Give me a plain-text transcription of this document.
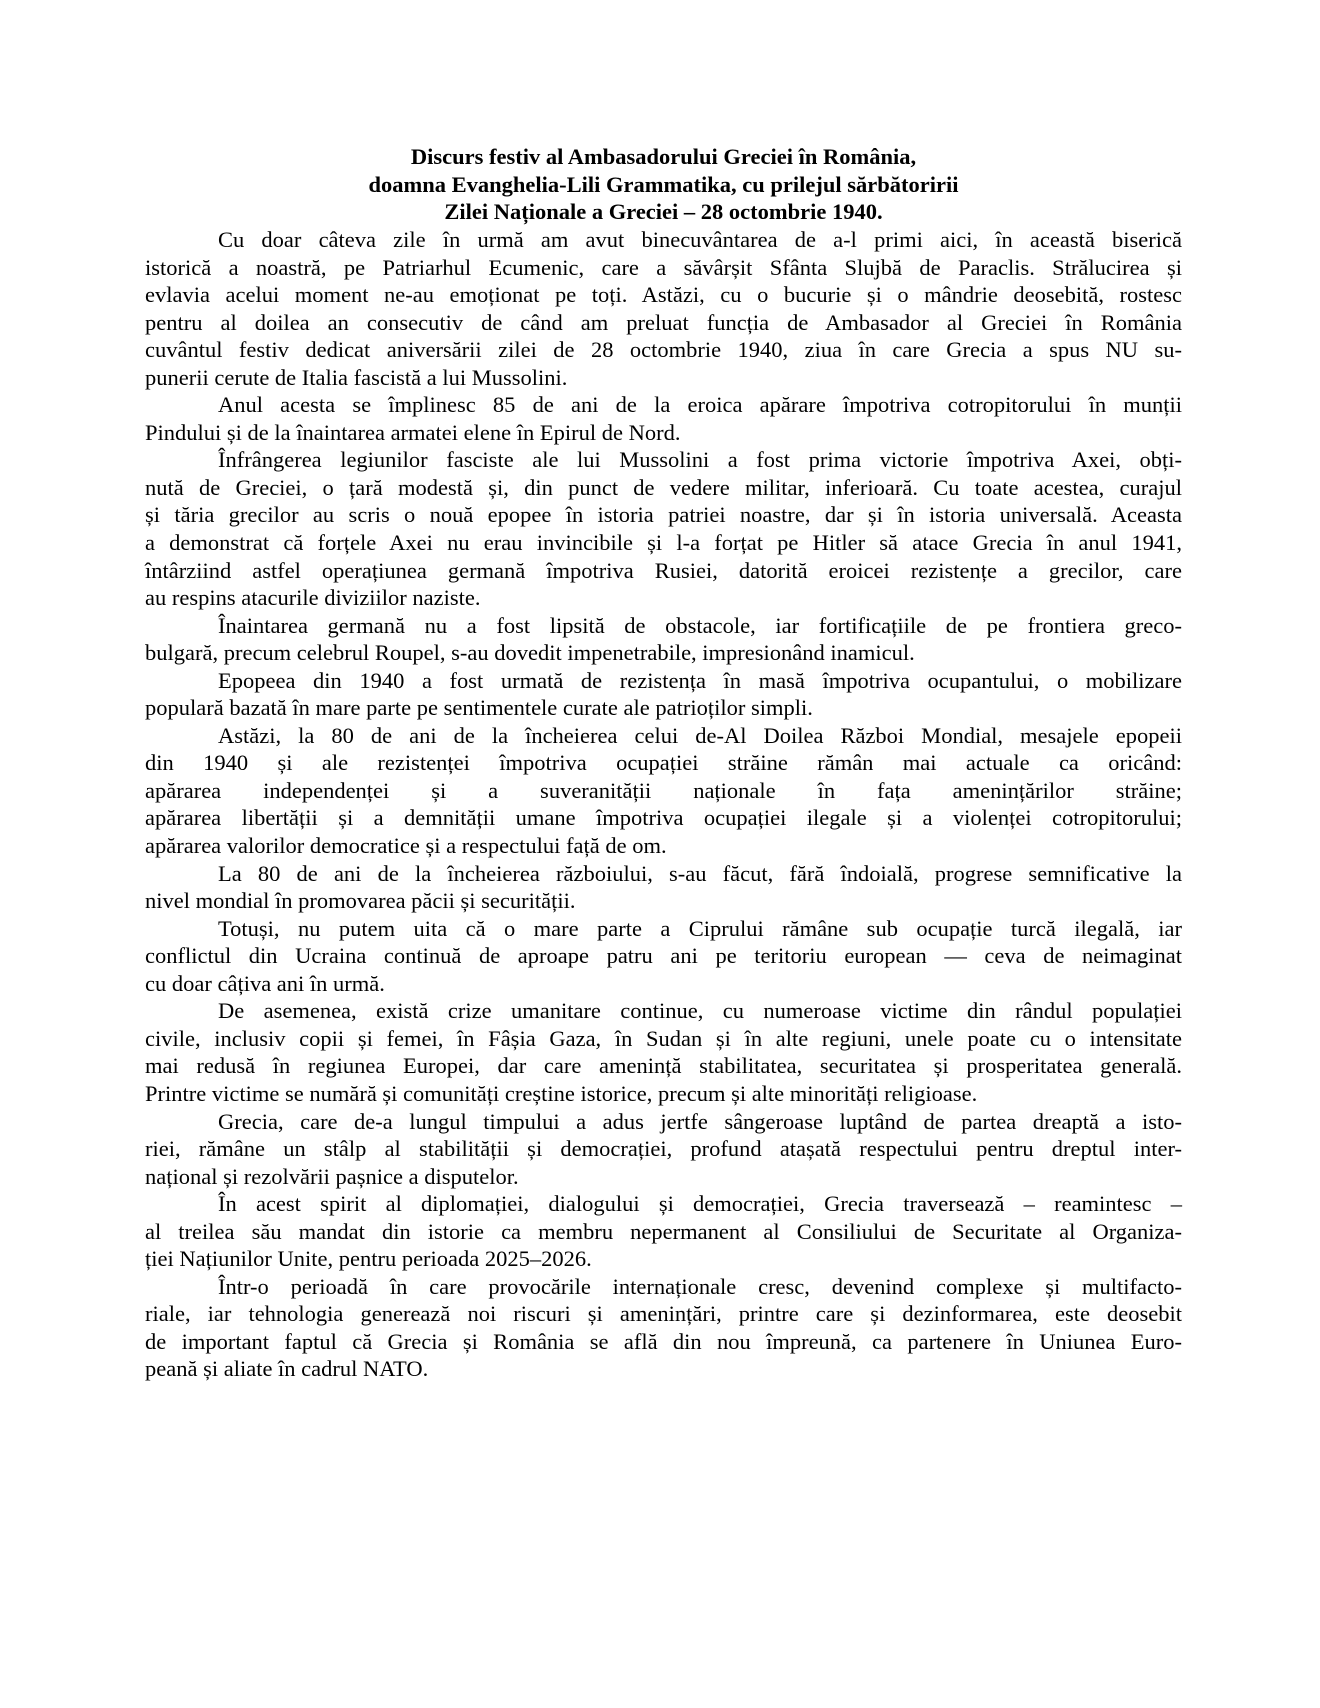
Discurs festiv al Ambasadorului Greciei în România,
doamna Evanghelia-Lili Grammatika, cu prilejul sărbătoririi
Zilei Naționale a Greciei – 28 octombrie 1940.
Cu doar câteva zile în urmă am avut binecuvântarea de a-l primi aici, în această biserică
istorică a noastră, pe Patriarhul Ecumenic, care a săvârșit Sfânta Slujbă de Paraclis. Strălucirea și
evlavia acelui moment ne-au emoționat pe toți. Astăzi, cu o bucurie și o mândrie deosebită, rostesc
pentru al doilea an consecutiv de când am preluat funcția de Ambasador al Greciei în România
cuvântul festiv dedicat aniversării zilei de 28 octombrie 1940, ziua în care Grecia a spus NU su-
punerii cerute de Italia fascistă a lui Mussolini.
Anul acesta se împlinesc 85 de ani de la eroica apărare împotriva cotropitorului în munții
Pindului și de la înaintarea armatei elene în Epirul de Nord.
Înfrângerea legiunilor fasciste ale lui Mussolini a fost prima victorie împotriva Axei, obți-
nută de Greciei, o țară modestă și, din punct de vedere militar, inferioară. Cu toate acestea, curajul
și tăria grecilor au scris o nouă epopee în istoria patriei noastre, dar și în istoria universală. Aceasta
a demonstrat că forțele Axei nu erau invincibile și l-a forțat pe Hitler să atace Grecia în anul 1941,
întârziind astfel operațiunea germană împotriva Rusiei, datorită eroicei rezistențe a grecilor, care
au respins atacurile diviziilor naziste.
Înaintarea germană nu a fost lipsită de obstacole, iar fortificațiile de pe frontiera greco-
bulgară, precum celebrul Roupel, s-au dovedit impenetrabile, impresionând inamicul.
Epopeea din 1940 a fost urmată de rezistența în masă împotriva ocupantului, o mobilizare
populară bazată în mare parte pe sentimentele curate ale patrioților simpli.
Astăzi, la 80 de ani de la încheierea celui de-Al Doilea Război Mondial, mesajele epopeii
din 1940 și ale rezistenței împotriva ocupației străine rămân mai actuale ca oricând:
apărarea independenței și a suveranității naționale în fața amenințărilor străine;
apărarea libertății și a demnității umane împotriva ocupației ilegale și a violenței cotropitorului;
apărarea valorilor democratice și a respectului față de om.
La 80 de ani de la încheierea războiului, s-au făcut, fără îndoială, progrese semnificative la
nivel mondial în promovarea păcii și securității.
Totuși, nu putem uita că o mare parte a Ciprului rămâne sub ocupație turcă ilegală, iar
conflictul din Ucraina continuă de aproape patru ani pe teritoriu european — ceva de neimaginat
cu doar câțiva ani în urmă.
De asemenea, există crize umanitare continue, cu numeroase victime din rândul populației
civile, inclusiv copii și femei, în Fâșia Gaza, în Sudan și în alte regiuni, unele poate cu o intensitate
mai redusă în regiunea Europei, dar care amenință stabilitatea, securitatea și prosperitatea generală.
Printre victime se numără și comunități creștine istorice, precum și alte minorități religioase.
Grecia, care de-a lungul timpului a adus jertfe sângeroase luptând de partea dreaptă a isto-
riei, rămâne un stâlp al stabilității și democrației, profund atașată respectului pentru dreptul inter-
național și rezolvării pașnice a disputelor.
În acest spirit al diplomației, dialogului și democrației, Grecia traversează – reamintesc –
al treilea său mandat din istorie ca membru nepermanent al Consiliului de Securitate al Organiza-
ției Națiunilor Unite, pentru perioada 2025–2026.
Într-o perioadă în care provocările internaționale cresc, devenind complexe și multifacto-
riale, iar tehnologia generează noi riscuri și amenințări, printre care și dezinformarea, este deosebit
de important faptul că Grecia și România se află din nou împreună, ca partenere în Uniunea Euro-
peană și aliate în cadrul NATO.
